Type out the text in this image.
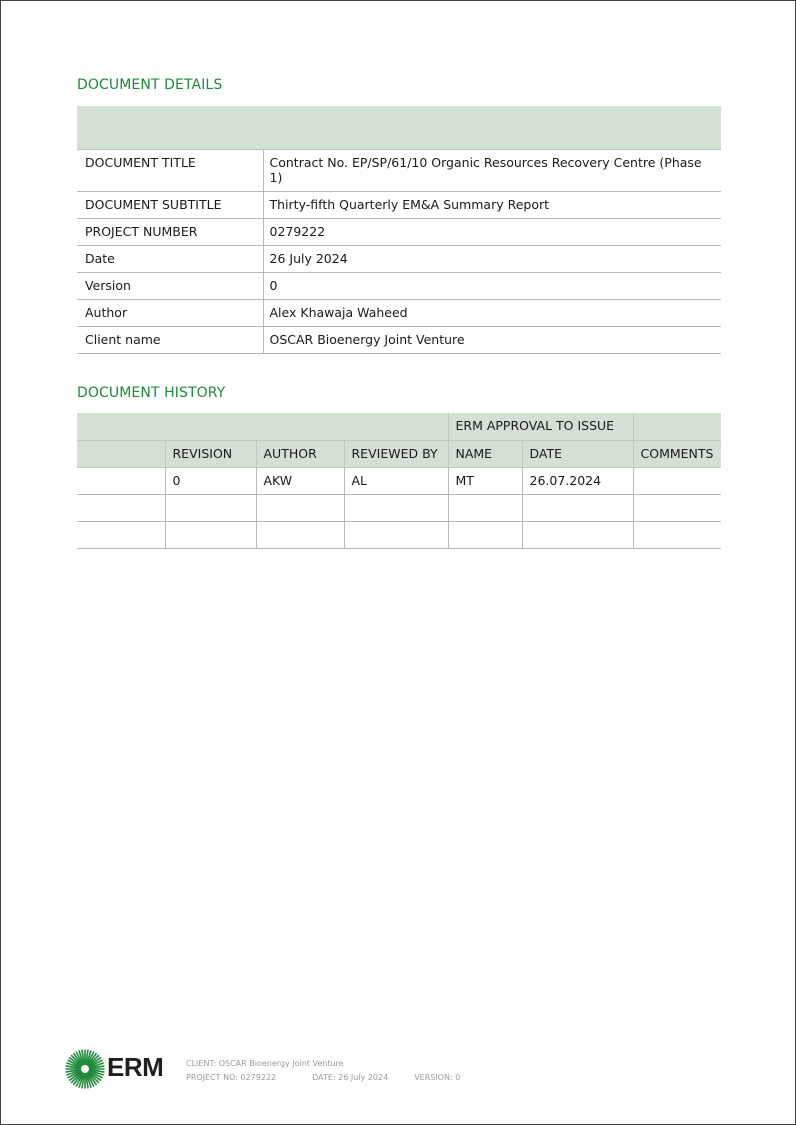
DOCUMENT DETAILS

DOCUMENT TITLE	Contract No. EP/SP/61/10 Organic Resources Recovery Centre (Phase 1)
DOCUMENT SUBTITLE	Thirty-fifth Quarterly EM&A Summary Report
PROJECT NUMBER	0279222
Date	26 July 2024
Version	0
Author	Alex Khawaja Waheed
Client name	OSCAR Bioenergy Joint Venture
DOCUMENT HISTORY
				ERM APPROVAL TO ISSUE		
	REVISION	AUTHOR	REVIEWED BY	NAME	DATE	COMMENTS
	0	AKW	AL	MT	26.07.2024	

ERM	CLIENT: OSCAR Bioenergy Joint Venture
PROJECT NO: 0279222	DATE: 26 July 2024	VERSION: 0
